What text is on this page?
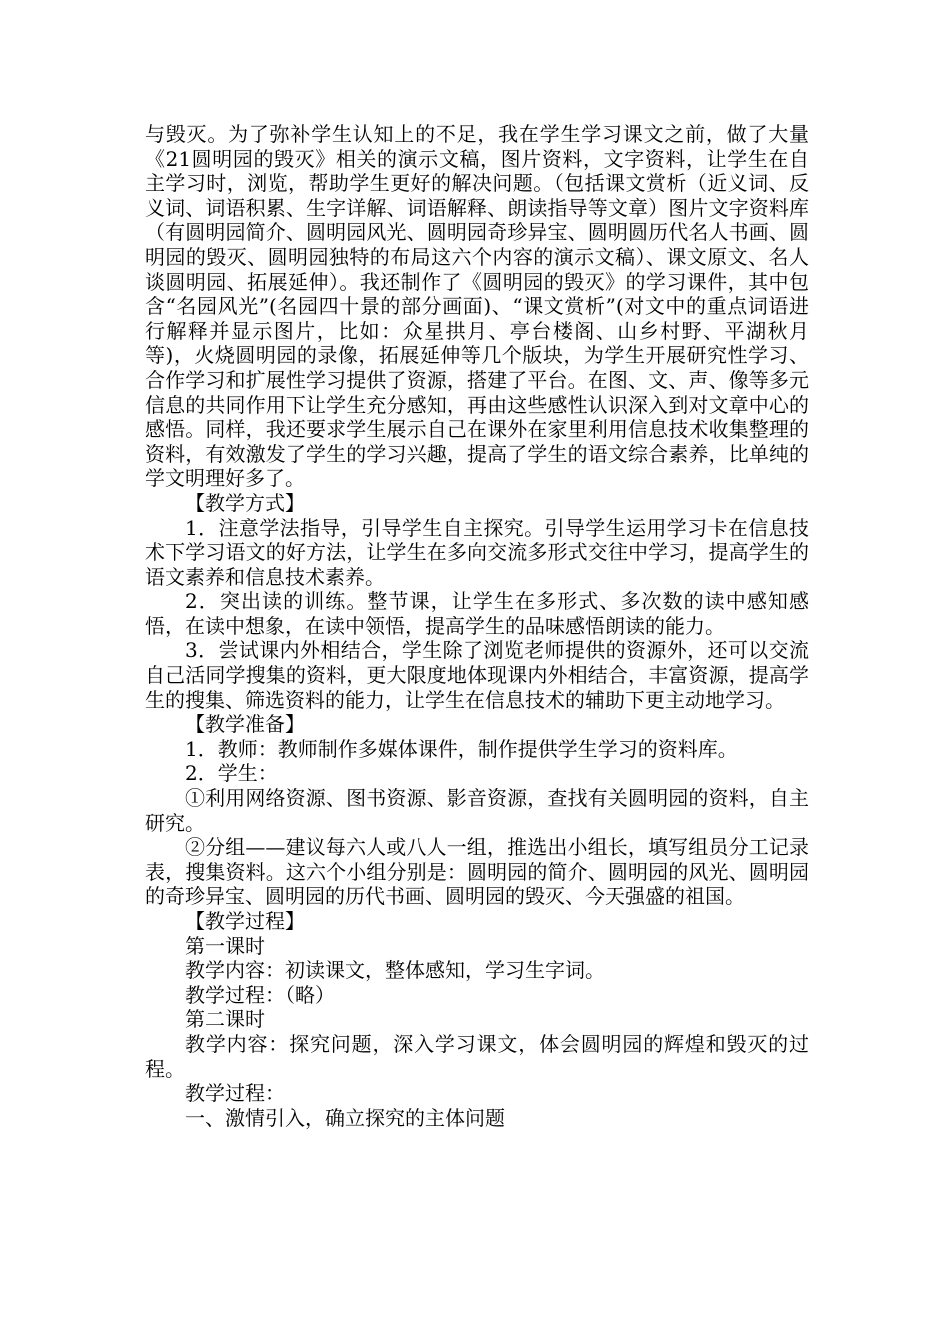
与毁灭。为了弥补学生认知上的不足，我在学生学习课文之前，做了大量《21圆明园的毁灭》相关的演示文稿，图片资料，文字资料，让学生在自主学习时，浏览，帮助学生更好的解决问题。（包括课文赏析（近义词、反义词、词语积累、生字详解、词语解释、朗读指导等文章）图片文字资料库（有圆明园简介、圆明园风光、圆明园奇珍异宝、圆明圆历代名人书画、圆明园的毁灭、圆明园独特的布局这六个内容的演示文稿）、课文原文、名人谈圆明园、拓展延伸）。我还制作了《圆明园的毁灭》的学习课件，其中包含“名园风光”(名园四十景的部分画面)、“课文赏析”(对文中的重点词语进行解释并显示图片，比如：众星拱月、亭台楼阁、山乡村野、平湖秋月等)，火烧圆明园的录像，拓展延伸等几个版块，为学生开展研究性学习、合作学习和扩展性学习提供了资源，搭建了平台。在图、文、声、像等多元信息的共同作用下让学生充分感知，再由这些感性认识深入到对文章中心的感悟。同样，我还要求学生展示自己在课外在家里利用信息技术收集整理的资料，有效激发了学生的学习兴趣，提高了学生的语文综合素养，比单纯的学文明理好多了。

【教学方式】

1．注意学法指导，引导学生自主探究。引导学生运用学习卡在信息技术下学习语文的好方法，让学生在多向交流多形式交往中学习，提高学生的语文素养和信息技术素养。

2．突出读的训练。整节课，让学生在多形式、多次数的读中感知感悟，在读中想象，在读中领悟，提高学生的品味感悟朗读的能力。

3．尝试课内外相结合，学生除了浏览老师提供的资源外，还可以交流自己活同学搜集的资料，更大限度地体现课内外相结合，丰富资源，提高学生的搜集、筛选资料的能力，让学生在信息技术的辅助下更主动地学习。

【教学准备】

1．教师：教师制作多媒体课件，制作提供学生学习的资料库。

2．学生：

①利用网络资源、图书资源、影音资源，查找有关圆明园的资料，自主研究。

②分组——建议每六人或八人一组，推选出小组长，填写组员分工记录表，搜集资料。这六个小组分别是：圆明园的简介、圆明园的风光、圆明园的奇珍异宝、圆明园的历代书画、圆明园的毁灭、今天强盛的祖国。

【教学过程】

第一课时

教学内容：初读课文，整体感知，学习生字词。

教学过程：（略）

第二课时

教学内容：探究问题，深入学习课文，体会圆明园的辉煌和毁灭的过程。

教学过程：

一、激情引入，确立探究的主体问题
